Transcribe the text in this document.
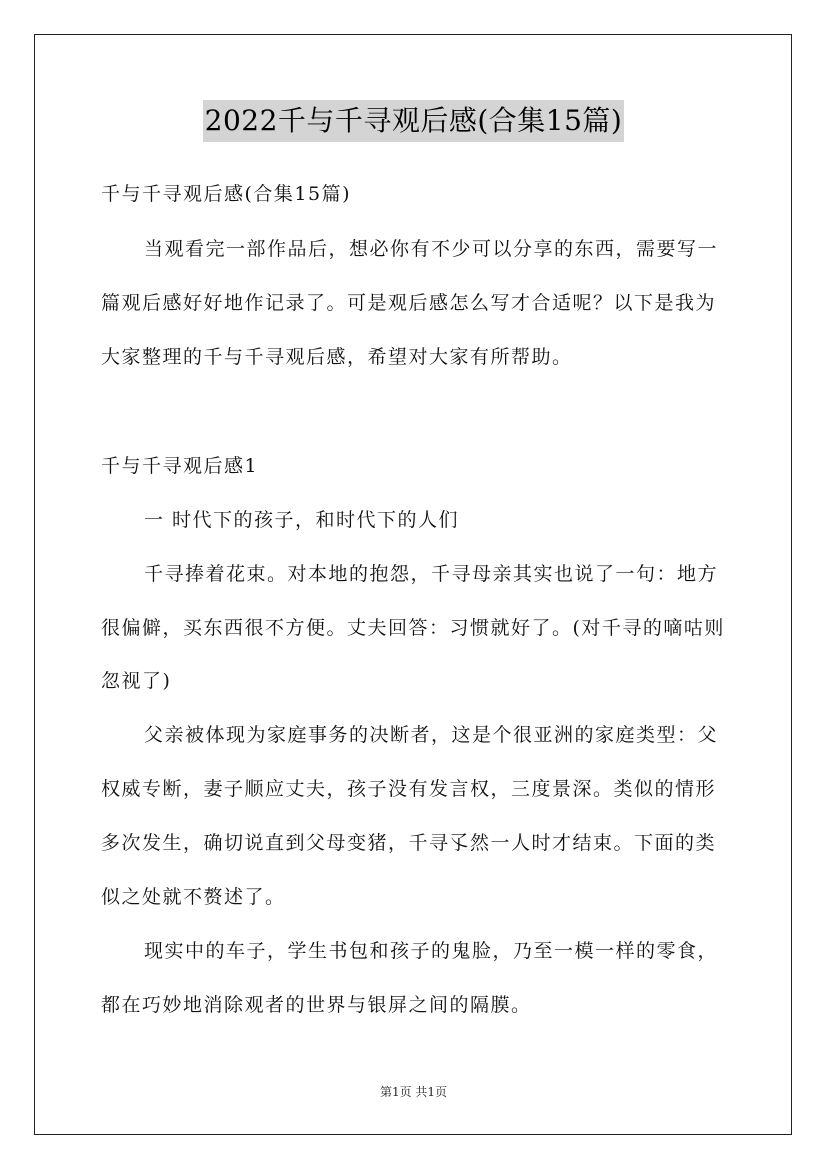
2022千与千寻观后感(合集15篇)
千与千寻观后感(合集15篇)
当观看完一部作品后，想必你有不少可以分享的东西，需要写一
篇观后感好好地作记录了。可是观后感怎么写才合适呢？以下是我为
大家整理的千与千寻观后感，希望对大家有所帮助。
千与千寻观后感1
一 时代下的孩子，和时代下的人们
千寻捧着花束。对本地的抱怨，千寻母亲其实也说了一句：地方
很偏僻，买东西很不方便。丈夫回答：习惯就好了。(对千寻的嘀咕则
忽视了)
父亲被体现为家庭事务的决断者，这是个很亚洲的家庭类型：父
权威专断，妻子顺应丈夫，孩子没有发言权，三度景深。类似的情形
多次发生，确切说直到父母变猪，千寻孓然一人时才结束。下面的类
似之处就不赘述了。
现实中的车子，学生书包和孩子的鬼脸，乃至一模一样的零食，
都在巧妙地消除观者的世界与银屏之间的隔膜。
第1页 共1页
